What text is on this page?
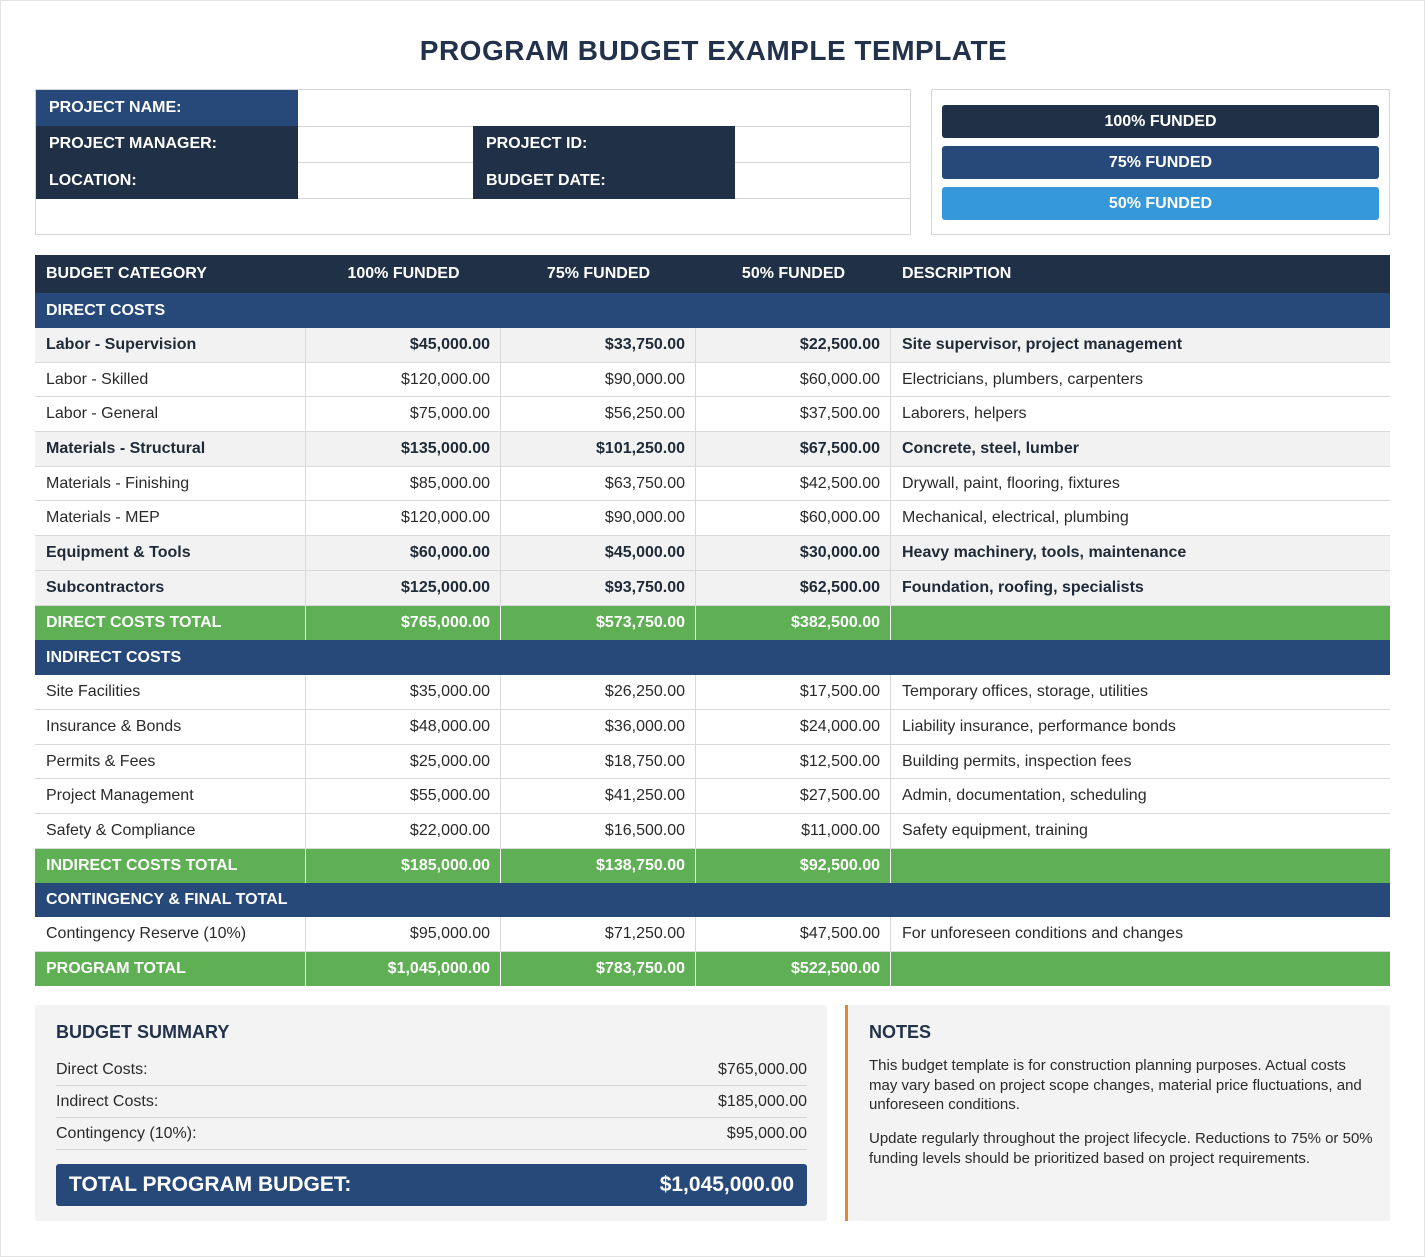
PROGRAM BUDGET EXAMPLE TEMPLATE
PROJECT NAME:
PROJECT MANAGER:
LOCATION:
PROJECT ID:
BUDGET DATE:
100% FUNDED
75% FUNDED
50% FUNDED
BUDGET CATEGORY	100% FUNDED	75% FUNDED	50% FUNDED	DESCRIPTION
DIRECT COSTS
Labor - Supervision	$45,000.00	$33,750.00	$22,500.00	Site supervisor, project management
Labor - Skilled	$120,000.00	$90,000.00	$60,000.00	Electricians, plumbers, carpenters
Labor - General	$75,000.00	$56,250.00	$37,500.00	Laborers, helpers
Materials - Structural	$135,000.00	$101,250.00	$67,500.00	Concrete, steel, lumber
Materials - Finishing	$85,000.00	$63,750.00	$42,500.00	Drywall, paint, flooring, fixtures
Materials - MEP	$120,000.00	$90,000.00	$60,000.00	Mechanical, electrical, plumbing
Equipment & Tools	$60,000.00	$45,000.00	$30,000.00	Heavy machinery, tools, maintenance
Subcontractors	$125,000.00	$93,750.00	$62,500.00	Foundation, roofing, specialists
DIRECT COSTS TOTAL	$765,000.00	$573,750.00	$382,500.00
INDIRECT COSTS
Site Facilities	$35,000.00	$26,250.00	$17,500.00	Temporary offices, storage, utilities
Insurance & Bonds	$48,000.00	$36,000.00	$24,000.00	Liability insurance, performance bonds
Permits & Fees	$25,000.00	$18,750.00	$12,500.00	Building permits, inspection fees
Project Management	$55,000.00	$41,250.00	$27,500.00	Admin, documentation, scheduling
Safety & Compliance	$22,000.00	$16,500.00	$11,000.00	Safety equipment, training
INDIRECT COSTS TOTAL	$185,000.00	$138,750.00	$92,500.00
CONTINGENCY & FINAL TOTAL
Contingency Reserve (10%)	$95,000.00	$71,250.00	$47,500.00	For unforeseen conditions and changes
PROGRAM TOTAL	$1,045,000.00	$783,750.00	$522,500.00
BUDGET SUMMARY
Direct Costs:	$765,000.00
Indirect Costs:	$185,000.00
Contingency (10%):	$95,000.00
TOTAL PROGRAM BUDGET:	$1,045,000.00
NOTES

This budget template is for construction planning purposes. Actual costs may vary based on project scope changes, material price fluctuations, and unforeseen conditions.

Update regularly throughout the project lifecycle. Reductions to 75% or 50% funding levels should be prioritized based on project requirements.
